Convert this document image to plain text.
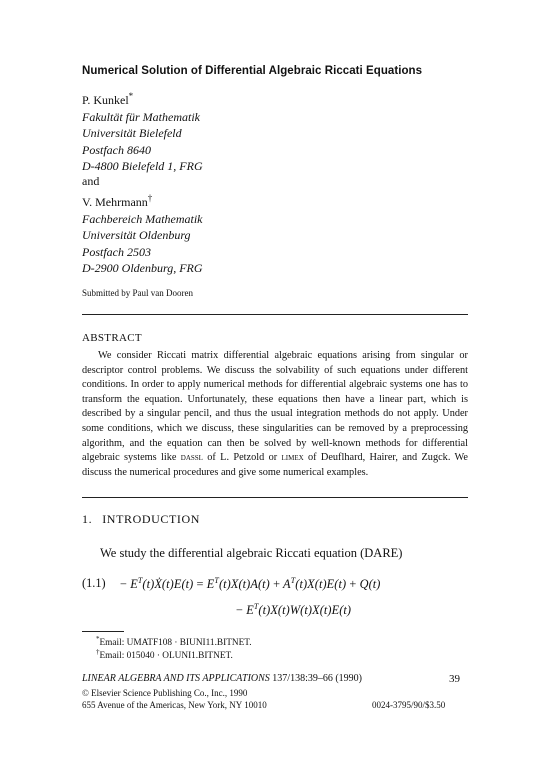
Numerical Solution of Differential Algebraic Riccati Equations
P. Kunkel*
Fakultät für Mathematik
Universität Bielefeld
Postfach 8640
D-4800 Bielefeld 1, FRG
and
V. Mehrmann†
Fachbereich Mathematik
Universität Oldenburg
Postfach 2503
D-2900 Oldenburg, FRG
Submitted by Paul van Dooren
ABSTRACT
We consider Riccati matrix differential algebraic equations arising from singular or descriptor control problems. We discuss the solvability of such equations under different conditions. In order to apply numerical methods for differential algebraic systems one has to transform the equation. Unfortunately, these equations then have a linear part, which is described by a singular pencil, and thus the usual integration methods do not apply. Under some conditions, which we discuss, these singularities can be removed by a preprocessing algorithm, and the equation can then be solved by well-known methods for differential algebraic systems like dassl of L. Petzold or limex of Deuflhard, Hairer, and Zugck. We discuss the numerical procedures and give some numerical examples.
1. INTRODUCTION
We study the differential algebraic Riccati equation (DARE)
$(1.1) - E^T(t)Ẋ(t)E(t) = E^T(t)X(t)A(t) + A^T(t)X(t)E(t) + Q(t)$
− $E^T(t)X(t)W(t)X(t)E(t)$
*Email: UMATF108 · BIUNI11.BITNET.
†Email: 015040 · OLUNI1.BITNET.
LINEAR ALGEBRA AND ITS APPLICATIONS 137/138:39–66 (1990)	39
© Elsevier Science Publishing Co., Inc., 1990
655 Avenue of the Americas, New York, NY 10010	0024-3795/90/$3.50
